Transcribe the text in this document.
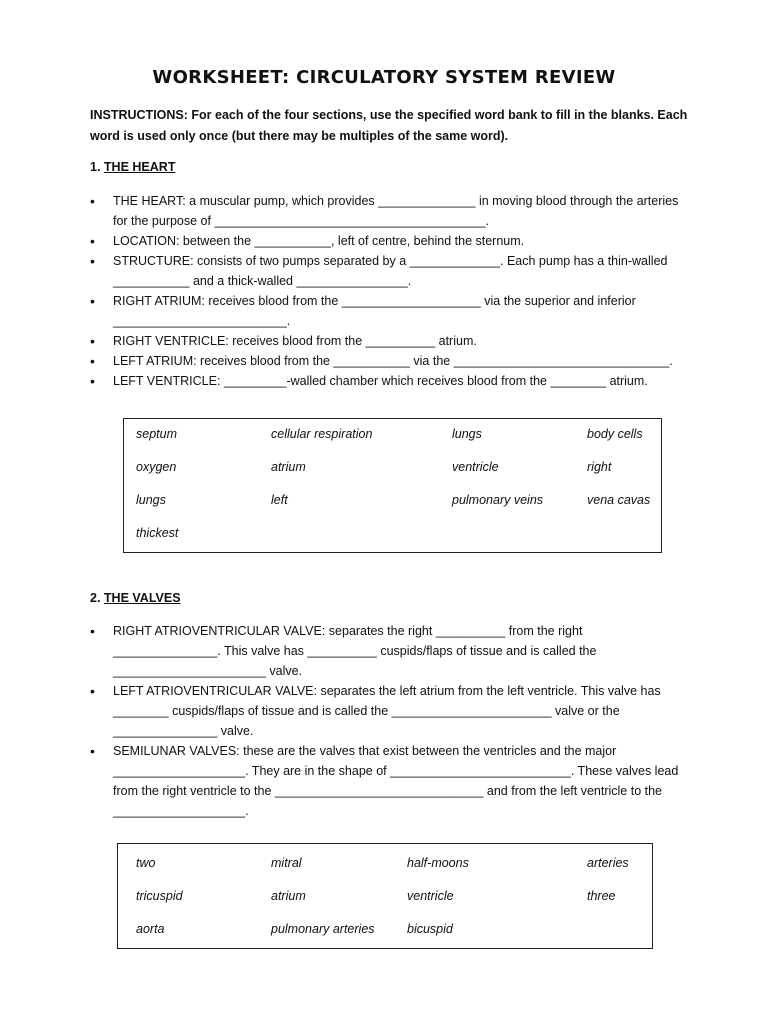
WORKSHEET: CIRCULATORY SYSTEM REVIEW
INSTRUCTIONS: For each of the four sections, use the specified word bank to fill in the blanks. Each word is used only once (but there may be multiples of the same word).
1. THE HEART
• THE HEART: a muscular pump, which provides ______________ in moving blood through the arteries for the purpose of _______________________________________.
• LOCATION: between the ___________, left of centre, behind the sternum.
• STRUCTURE: consists of two pumps separated by a _____________. Each pump has a thin-walled ___________ and a thick-walled ________________.
• RIGHT ATRIUM: receives blood from the ____________________ via the superior and inferior _________________________.
• RIGHT VENTRICLE: receives blood from the __________ atrium.
• LEFT ATRIUM: receives blood from the ___________ via the _______________________________.
• LEFT VENTRICLE: _________-walled chamber which receives blood from the ________ atrium.
septum	cellular respiration	lungs	body cells
oxygen	atrium	ventricle	right
lungs	left	pulmonary veins	vena cavas
thickest
2. THE VALVES
• RIGHT ATRIOVENTRICULAR VALVE: separates the right __________ from the right _______________. This valve has __________ cuspids/flaps of tissue and is called the ______________________ valve.
• LEFT ATRIOVENTRICULAR VALVE: separates the left atrium from the left ventricle. This valve has ________ cuspids/flaps of tissue and is called the _______________________ valve or the _______________ valve.
• SEMILUNAR VALVES: these are the valves that exist between the ventricles and the major ___________________. They are in the shape of __________________________. These valves lead from the right ventricle to the ______________________________ and from the left ventricle to the ___________________.
two	mitral	half-moons	arteries
tricuspid	atrium	ventricle	three
aorta	pulmonary arteries	bicuspid
